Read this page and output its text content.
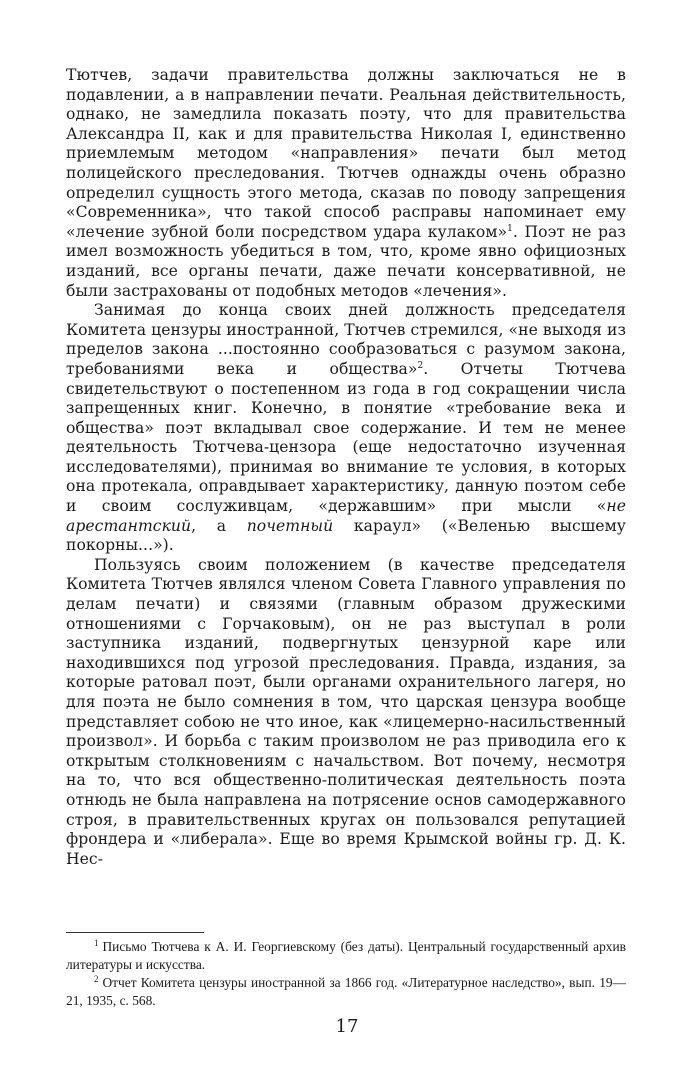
Тютчев, задачи правительства должны заключаться не в подавлении, а в направлении печати. Реальная действительность, однако, не замедлила показать поэту, что для правительства Александра II, как и для правительства Николая I, единственно приемлемым методом «направления» печати был метод полицейского преследования. Тютчев однажды очень образно определил сущность этого метода, сказав по поводу запрещения «Современника», что такой способ расправы напоминает ему «лечение зубной боли посредством удара кулаком»$^1$. Поэт не раз имел возможность убедиться в том, что, кроме явно официозных изданий, все органы печати, даже печати консервативной, не были застрахованы от подобных методов «лечения».

Занимая до конца своих дней должность председателя Комитета цензуры иностранной, Тютчев стремился, «не выходя из пределов закона ...постоянно сообразоваться с разумом закона, требованиями века и общества»$^2$. Отчеты Тютчева свидетельствуют о постепенном из года в год сокращении числа запрещенных книг. Конечно, в понятие «требование века и общества» поэт вкладывал свое содержание. И тем не менее деятельность Тютчева-цензора (еще недостаточно изученная исследователями), принимая во внимание те условия, в которых она протекала, оправдывает характеристику, данную поэтом себе и своим сослуживцам, «державшим» при мысли «не арестантский, а почетный караул» («Веленью высшему покорны...»).

Пользуясь своим положением (в качестве председателя Комитета Тютчев являлся членом Совета Главного управления по делам печати) и связями (главным образом дружескими отношениями с Горчаковым), он не раз выступал в роли заступника изданий, подвергнутых цензурной каре или находившихся под угрозой преследования. Правда, издания, за которые ратовал поэт, были органами охранительного лагеря, но для поэта не было сомнения в том, что царская цензура вообще представляет собою не что иное, как «лицемерно-насильственный произвол». И борьба с таким произволом не раз приводила его к открытым столкновениям с начальством. Вот почему, несмотря на то, что вся общественно-политическая деятельность поэта отнюдь не была направлена на потрясение основ самодержавного строя, в правительственных кругах он пользовался репутацией фрондера и «либерала». Еще во время Крымской войны гр. Д. К. Нес-

$^1$ Письмо Тютчева к А. И. Георгиевскому (без даты). Центральный государственный архив литературы и искусства.

$^2$ Отчет Комитета цензуры иностранной за 1866 год. «Литературное наследство», вып. 19—21, 1935, с. 568.

17
